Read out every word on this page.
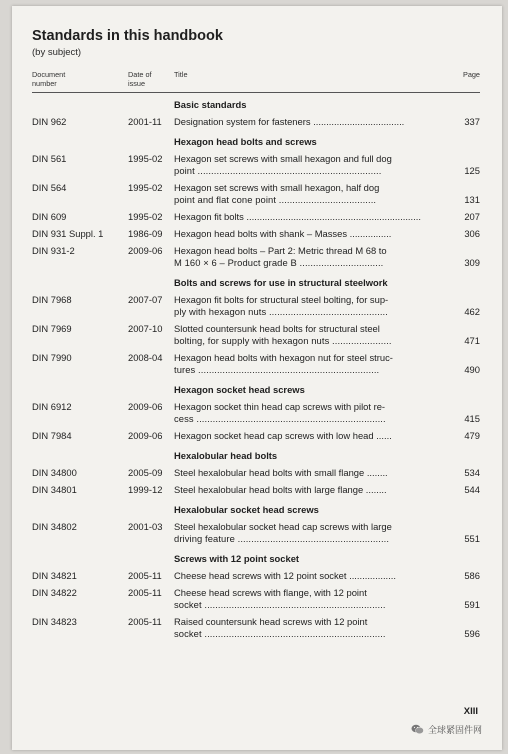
Standards in this handbook
(by subject)
Document
number
Date of
issue
Title	Page
Basic standards
DIN 962	2001-11 Designation system for fasteners ...................................	337
Hexagon head bolts and screws
DIN 561	1995-02 Hexagon set screws with small hexagon and full dog
point ....................................................................	125
DIN 564	1995-02 Hexagon set screws with small hexagon, half dog
point and flat cone point ....................................	131
DIN 609	1995-02 Hexagon fit bolts ...................................................................	207
DIN 931 Suppl. 1	1986-09 Hexagon head bolts with shank – Masses ................	306
DIN 931-2	2009-06 Hexagon head bolts – Part 2: Metric thread M 68 to
M 160 × 6 – Product grade B ...............................	309
Bolts and screws for use in structural steelwork
DIN 7968	2007-07 Hexagon fit bolts for structural steel bolting, for sup-
ply with hexagon nuts ............................................	462
DIN 7969	2007-10 Slotted countersunk head bolts for structural steel
bolting, for supply with hexagon nuts ......................	471
DIN 7990	2008-04 Hexagon head bolts with hexagon nut for steel struc-
tures ...................................................................	490
Hexagon socket head screws
DIN 6912	2009-06 Hexagon socket thin head cap screws with pilot re-
cess ......................................................................	415
DIN 7984	2009-06 Hexagon socket head cap screws with low head ......	479
Hexalobular head bolts
DIN 34800	2005-09 Steel hexalobular head bolts with small flange ........	534
DIN 34801	1999-12 Steel hexalobular head bolts with large flange ........	544
Hexalobular socket head screws
DIN 34802	2001-03 Steel hexalobular socket head cap screws with large
driving feature ........................................................	551
Screws with 12 point socket
DIN 34821	2005-11 Cheese head screws with 12 point socket ..................	586
DIN 34822	2005-11 Cheese head screws with flange, with 12 point
socket ...................................................................	591
DIN 34823	2005-11 Raised countersunk head screws with 12 point
socket ...................................................................	596
XIII
全球紧固件网
